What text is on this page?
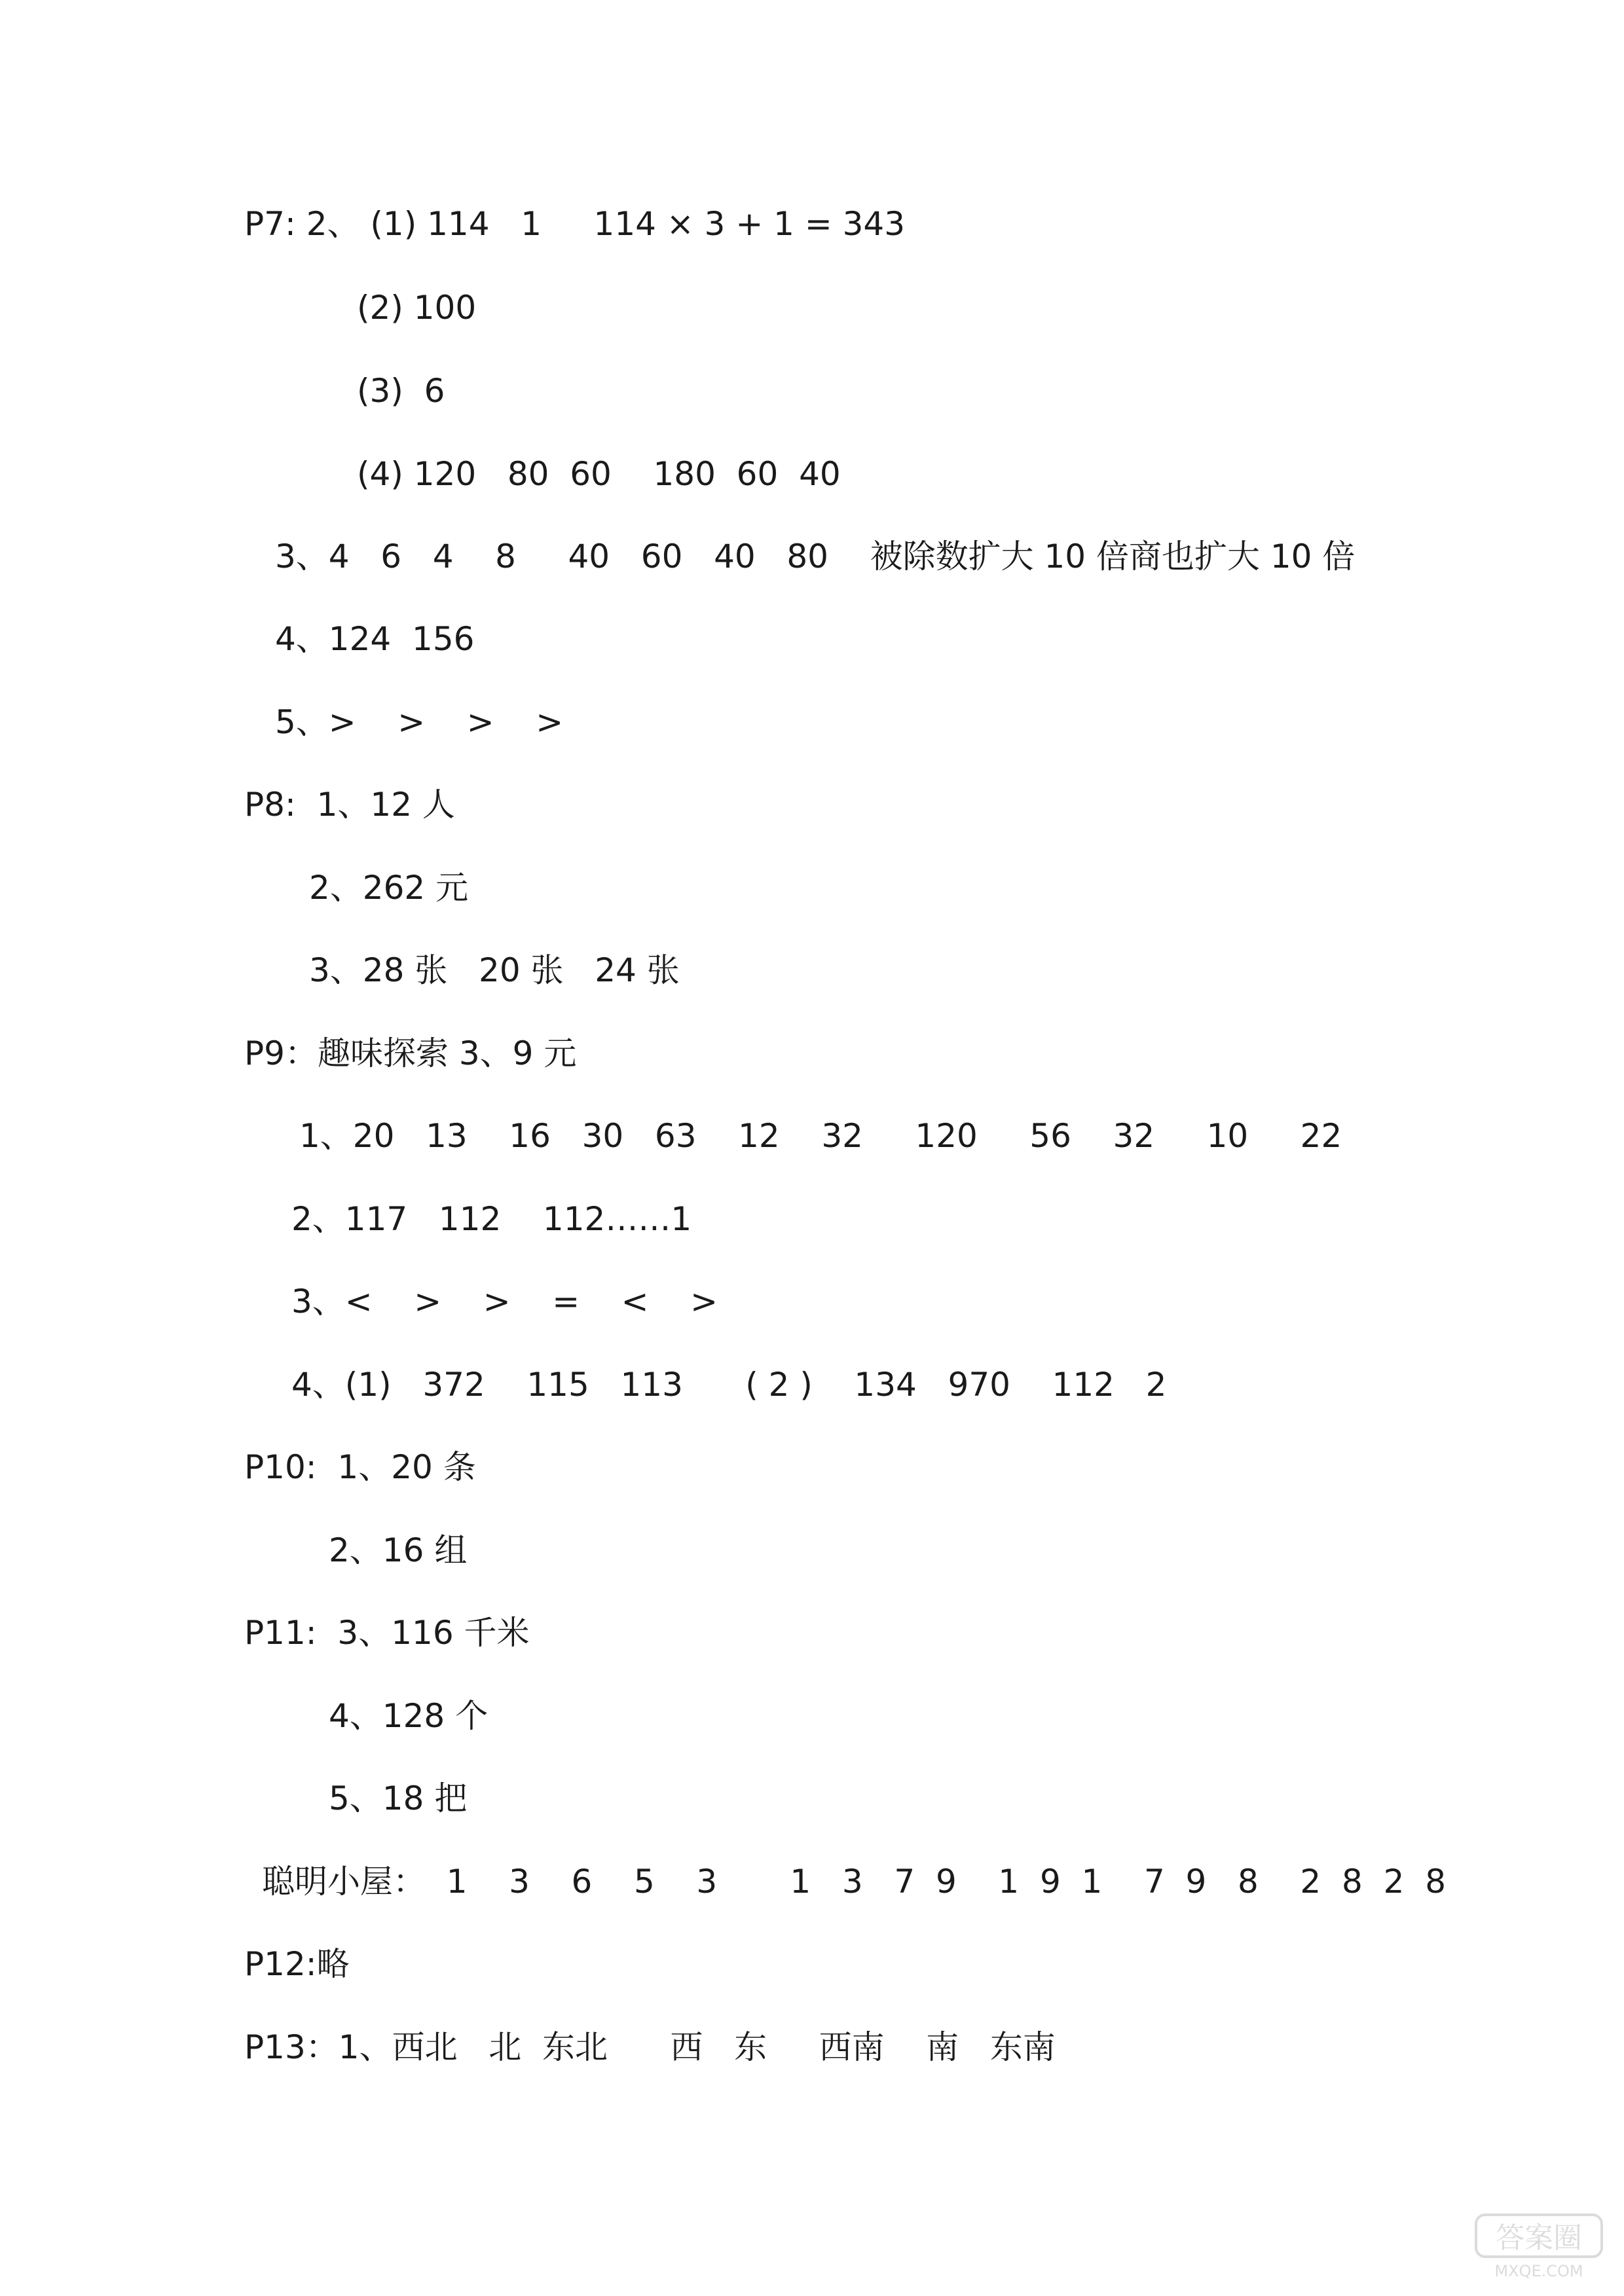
P7: 2、 (1) 114   1     114 × 3 + 1 = 343
(2) 100
(3)  6
(4) 120   80  60    180  60  40
3、4   6   4    8     40   60   40   80    被除数扩大 10 倍商也扩大 10 倍
4、124  156
5、>    >    >    >
P8:  1、12 人
2、262 元
3、28 张   20 张   24 张
P9：趣味探索 3、9 元
1、20   13    16   30   63    12    32     120     56    32     10     22
2、117   112    112……1
3、<    >    >    =    <    >
4、(1)   372    115   113      ( 2 )    134   970    112   2
P10:  1、20 条
2、16 组
P11:  3、116 千米
4、128 个
5、18 把
聪明小屋：  1    3    6    5    3       1   3   7  9    1  9  1    7  9   8    2  8  2  8
P12:略
P13：1、西北   北  东北      西   东     西南    南   东南
答案圈
MXQE.COM
